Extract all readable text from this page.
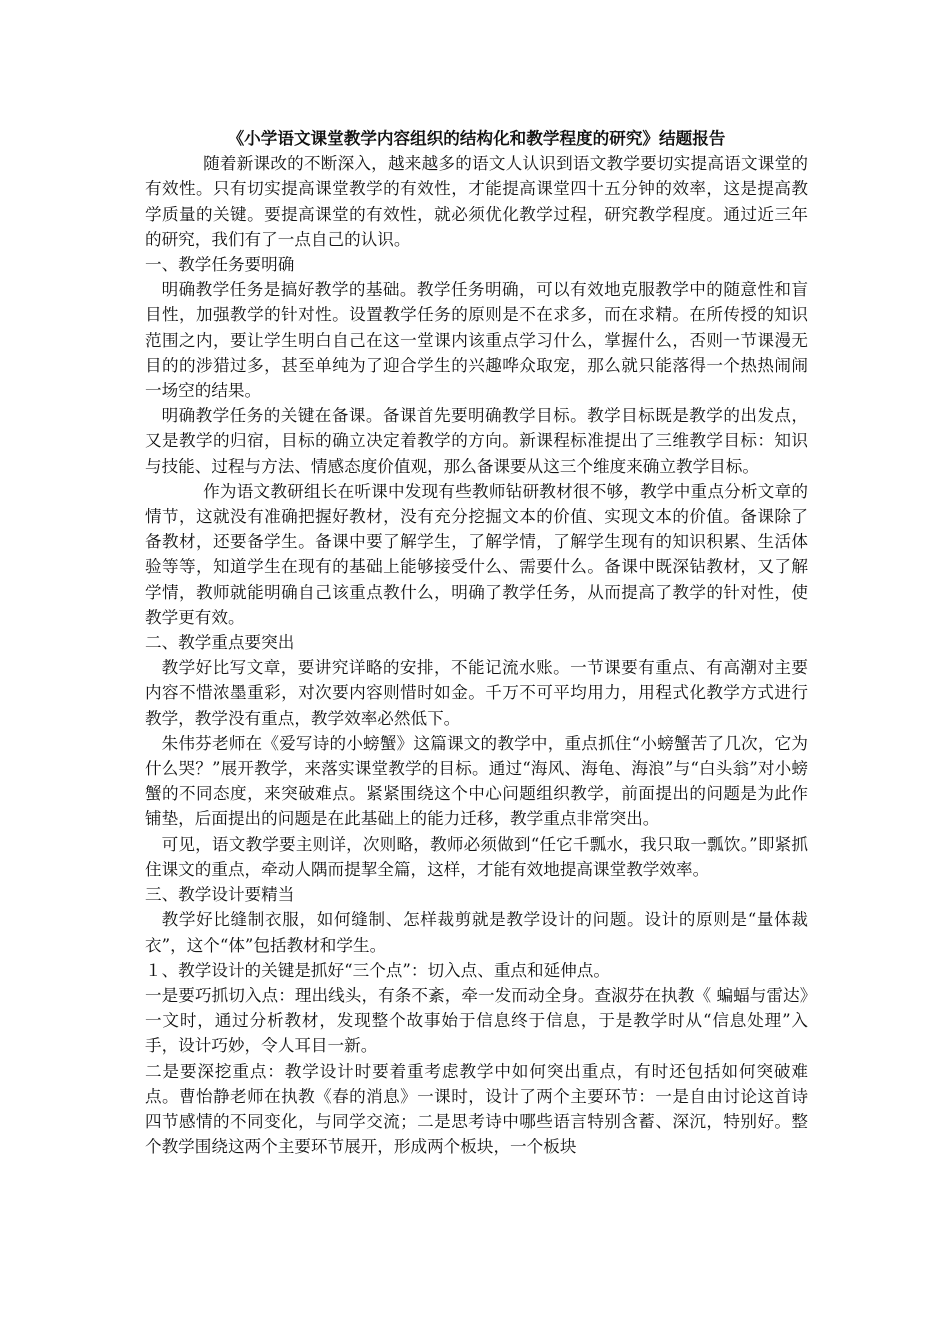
《小学语文课堂教学内容组织的结构化和教学程度的研究》结题报告

随着新课改的不断深入，越来越多的语文人认识到语文教学要切实提高语文课堂的有效性。只有切实提高课堂教学的有效性，才能提高课堂四十五分钟的效率，这是提高教学质量的关键。要提高课堂的有效性，就必须优化教学过程，研究教学程度。通过近三年的研究，我们有了一点自己的认识。

一、教学任务要明确

明确教学任务是搞好教学的基础。教学任务明确，可以有效地克服教学中的随意性和盲目性，加强教学的针对性。设置教学任务的原则是不在求多，而在求精。在所传授的知识范围之内，要让学生明白自己在这一堂课内该重点学习什么，掌握什么，否则一节课漫无目的的涉猎过多，甚至单纯为了迎合学生的兴趣哗众取宠，那么就只能落得一个热热闹闹一场空的结果。

明确教学任务的关键在备课。备课首先要明确教学目标。教学目标既是教学的出发点，又是教学的归宿，目标的确立决定着教学的方向。新课程标准提出了三维教学目标：知识与技能、过程与方法、情感态度价值观，那么备课要从这三个维度来确立教学目标。

作为语文教研组长在听课中发现有些教师钻研教材很不够，教学中重点分析文章的情节，这就没有准确把握好教材，没有充分挖掘文本的价值、实现文本的价值。备课除了备教材，还要备学生。备课中要了解学生，了解学情，了解学生现有的知识积累、生活体验等等，知道学生在现有的基础上能够接受什么、需要什么。备课中既深钻教材，又了解学情，教师就能明确自己该重点教什么，明确了教学任务，从而提高了教学的针对性，使教学更有效。

二、教学重点要突出

教学好比写文章，要讲究详略的安排，不能记流水账。一节课要有重点、有高潮对主要内容不惜浓墨重彩，对次要内容则惜时如金。千万不可平均用力，用程式化教学方式进行教学，教学没有重点，教学效率必然低下。

朱伟芬老师在《爱写诗的小螃蟹》这篇课文的教学中，重点抓住“小螃蟹苦了几次，它为什么哭？”展开教学，来落实课堂教学的目标。通过“海风、海龟、海浪”与“白头翁”对小螃蟹的不同态度，来突破难点。紧紧围绕这个中心问题组织教学，前面提出的问题是为此作铺垫，后面提出的问题是在此基础上的能力迁移，教学重点非常突出。

可见，语文教学要主则详，次则略，教师必须做到“任它千瓢水，我只取一瓢饮。”即紧抓住课文的重点，牵动人隅而提挈全篇，这样，才能有效地提高课堂教学效率。

三、教学设计要精当

教学好比缝制衣服，如何缝制、怎样裁剪就是教学设计的问题。设计的原则是“量体裁衣”，这个“体”包括教材和学生。

１、教学设计的关键是抓好“三个点”：切入点、重点和延伸点。

一是要巧抓切入点：理出线头，有条不紊，牵一发而动全身。查淑芬在执教《 蝙蝠与雷达》一文时，通过分析教材，发现整个故事始于信息终于信息，于是教学时从“信息处理”入手，设计巧妙，令人耳目一新。

二是要深挖重点：教学设计时要着重考虑教学中如何突出重点，有时还包括如何突破难点。曹怡静老师在执教《春的消息》一课时，设计了两个主要环节：一是自由讨论这首诗四节感情的不同变化，与同学交流；二是思考诗中哪些语言特别含蓄、深沉，特别好。整个教学围绕这两个主要环节展开，形成两个板块，一个板块
